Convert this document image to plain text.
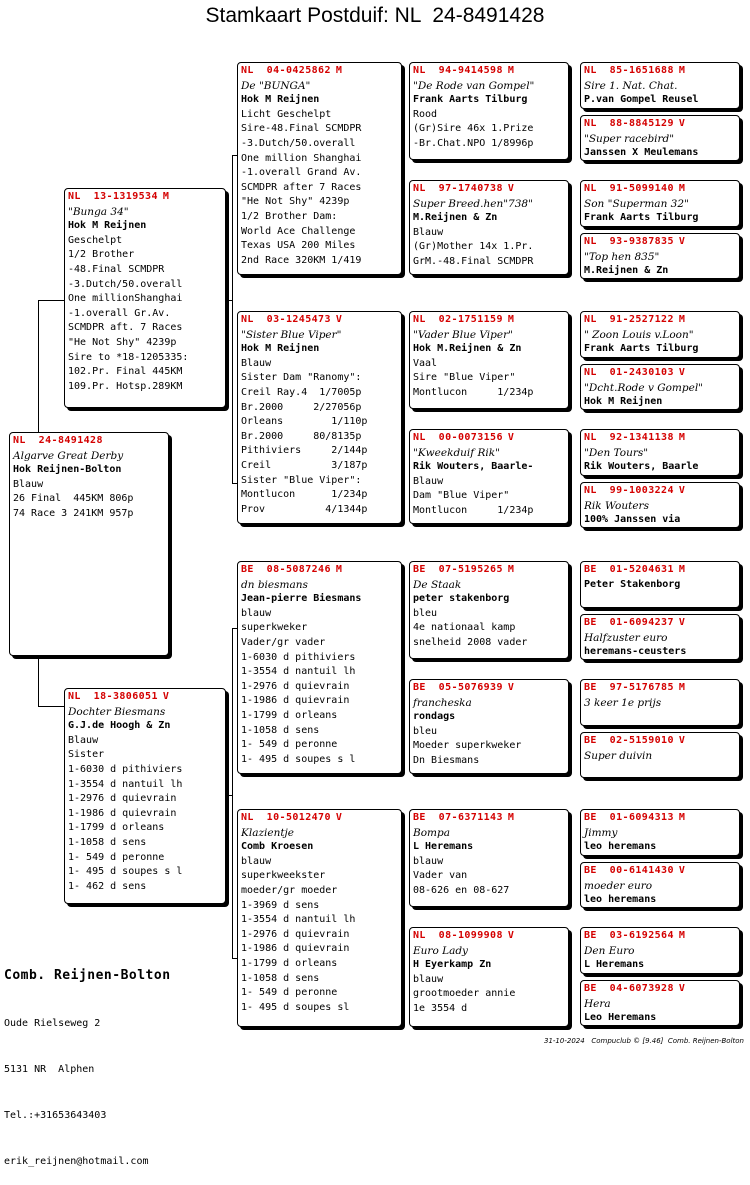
Stamkaart Postduif: NL  24-8491428
NL  24-8491428
Algarve Great Derby
Hok Reijnen-Bolton
Blauw
26 Final  445KM 806p
74 Race 3 241KM 957p
NL  13-1319534 M
"Bunga 34"
Hok M Reijnen
Geschelpt
1/2 Brother
-48.Final SCMDPR
-3.Dutch/50.overall
One millionShanghai
-1.overall Gr.Av.
SCMDPR aft. 7 Races
"He Not Shy" 4239p
Sire to *18-1205335:
102.Pr. Final 445KM
109.Pr. Hotsp.289KM
NL  18-3806051 V
Dochter Biesmans
G.J.de Hoogh & Zn
Blauw
Sister
1-6030 d pithiviers
1-3554 d nantuil lh
1-2976 d quievrain
1-1986 d quievrain
1-1799 d orleans
1-1058 d sens
1- 549 d peronne
1- 495 d soupes s l
1- 462 d sens
NL  04-0425862 M
De "BUNGA"
Hok M Reijnen
Licht Geschelpt
Sire-48.Final SCMDPR
-3.Dutch/50.overall
One million Shanghai
-1.overall Grand Av.
SCMDPR after 7 Races
"He Not Shy" 4239p
1/2 Brother Dam:
World Ace Challenge
Texas USA 200 Miles
2nd Race 320KM 1/419
NL  03-1245473 V
"Sister Blue Viper"
Hok M Reijnen
Blauw
Sister Dam "Ranomy":
Creil Ray.4  1/7005p
Br.2000     2/27056p
Orleans        1/110p
Br.2000     80/8135p
Pithiviers     2/144p
Creil          3/187p
Sister "Blue Viper":
Montlucon      1/234p
Prov          4/1344p
BE  08-5087246 M
dn biesmans
Jean-pierre Biesmans
blauw
superkweker
Vader/gr vader
1-6030 d pithiviers
1-3554 d nantuil lh
1-2976 d quievrain
1-1986 d quievrain
1-1799 d orleans
1-1058 d sens
1- 549 d peronne
1- 495 d soupes s l
NL  10-5012470 V
Klazientje
Comb Kroesen
blauw
superkweekster
moeder/gr moeder
1-3969 d sens
1-3554 d nantuil lh
1-2976 d quievrain
1-1986 d quievrain
1-1799 d orleans
1-1058 d sens
1- 549 d peronne
1- 495 d soupes sl
NL  94-9414598 M
"De Rode van Gompel"
Frank Aarts Tilburg
Rood
(Gr)Sire 46x 1.Prize
-Br.Chat.NPO 1/8996p
NL  97-1740738 V
Super Breed.hen"738"
M.Reijnen & Zn
Blauw
(Gr)Mother 14x 1.Pr.
GrM.-48.Final SCMDPR
NL  02-1751159 M
"Vader Blue Viper"
Hok M.Reijnen & Zn
Vaal
Sire "Blue Viper"
Montlucon     1/234p
NL  00-0073156 V
"Kweekduif Rik"
Rik Wouters, Baarle-
Blauw
Dam "Blue Viper"
Montlucon     1/234p
BE  07-5195265 M
De Staak
peter stakenborg
bleu
4e nationaal kamp
snelheid 2008 vader
BE  05-5076939 V
francheska
rondags
bleu
Moeder superkweker
Dn Biesmans
BE  07-6371143 M
Bompa
L Heremans
blauw
Vader van
08-626 en 08-627
NL  08-1099908 V
Euro Lady
H Eyerkamp Zn
blauw
grootmoeder annie
1e 3554 d
NL  85-1651688 M
Sire 1. Nat. Chat.
P.van Gompel Reusel
NL  88-8845129 V
"Super racebird"
Janssen X Meulemans
NL  91-5099140 M
Son "Superman 32"
Frank Aarts Tilburg
NL  93-9387835 V
"Top hen 835"
M.Reijnen & Zn
NL  91-2527122 M
" Zoon Louis v.Loon"
Frank Aarts Tilburg
NL  01-2430103 V
"Dcht.Rode v Gompel"
Hok M Reijnen
NL  92-1341138 M
"Den Tours"
Rik Wouters, Baarle
NL  99-1003224 V
Rik Wouters
100% Janssen via
BE  01-5204631 M
Peter Stakenborg
BE  01-6094237 V
Halfzuster euro
heremans-ceusters
BE  97-5176785 M
3 keer 1e prijs
BE  02-5159010 V
Super duivin
BE  01-6094313 M
Jimmy
leo heremans
BE  00-6141430 V
moeder euro
leo heremans
BE  03-6192564 M
Den Euro
L Heremans
BE  04-6073928 V
Hera
Leo Heremans

Comb. Reijnen-Bolton

Oude Rielseweg 2

5131 NR  Alphen

Tel.:+31653643403

erik_reijnen@hotmail.com

31-10-2024   Compuclub © [9.46]  Comb. Reijnen-Bolton
